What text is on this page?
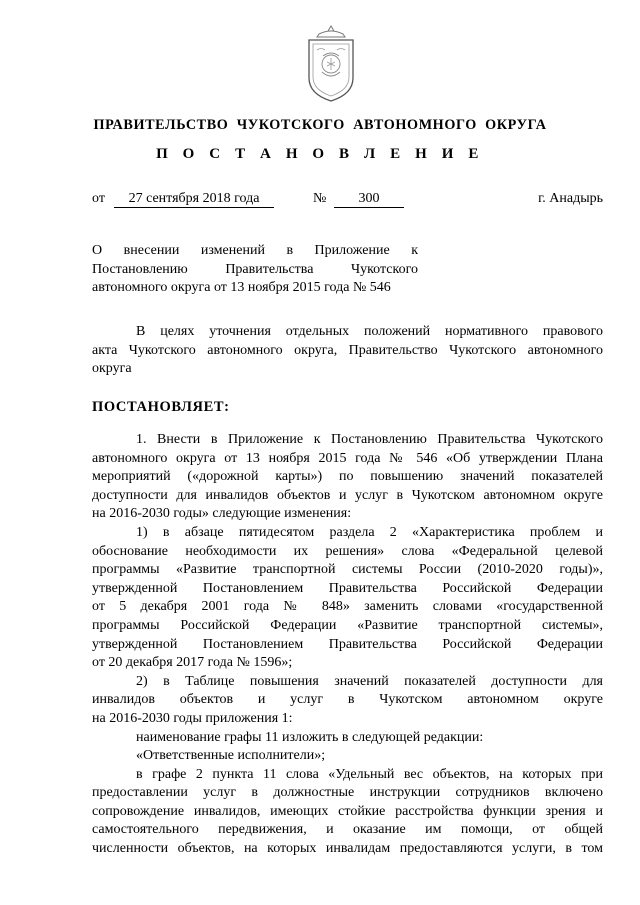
ПРАВИТЕЛЬСТВО  ЧУКОТСКОГО  АВТОНОМНОГО  ОКРУГА
П О С Т А Н О В Л Е Н И Е
от	27 сентября 2018 года	№	300	г. Анадырь
О внесении изменений в Приложение к
Постановлению Правительства Чукотского
автономного округа от 13 ноября 2015 года № 546
В целях уточнения отдельных положений нормативного правового
акта Чукотского автономного округа, Правительство Чукотского автономного
округа
ПОСТАНОВЛЯЕТ:
1. Внести в Приложение к Постановлению Правительства Чукотского
автономного округа от 13 ноября 2015 года № 546 «Об утверждении Плана
мероприятий («дорожной карты») по повышению значений показателей
доступности для инвалидов объектов и услуг в Чукотском автономном округе
на 2016-2030 годы» следующие изменения:
1) в абзаце пятидесятом раздела 2 «Характеристика проблем и
обоснование необходимости их решения» слова «Федеральной целевой
программы «Развитие транспортной системы России (2010-2020 годы)»,
утвержденной Постановлением Правительства Российской Федерации
от 5 декабря 2001 года № 848» заменить словами «государственной
программы Российской Федерации «Развитие транспортной системы»,
утвержденной Постановлением Правительства Российской Федерации
от 20 декабря 2017 года № 1596»;
2) в Таблице повышения значений показателей доступности для
инвалидов объектов и услуг в Чукотском автономном округе
на 2016-2030 годы приложения 1:
наименование графы 11 изложить в следующей редакции:
«Ответственные исполнители»;
в графе 2 пункта 11 слова «Удельный вес объектов, на которых при
предоставлении услуг в должностные инструкции сотрудников включено
сопровождение инвалидов, имеющих стойкие расстройства функции зрения и
самостоятельного передвижения, и оказание им помощи, от общей
численности объектов, на которых инвалидам предоставляются услуги, в том
